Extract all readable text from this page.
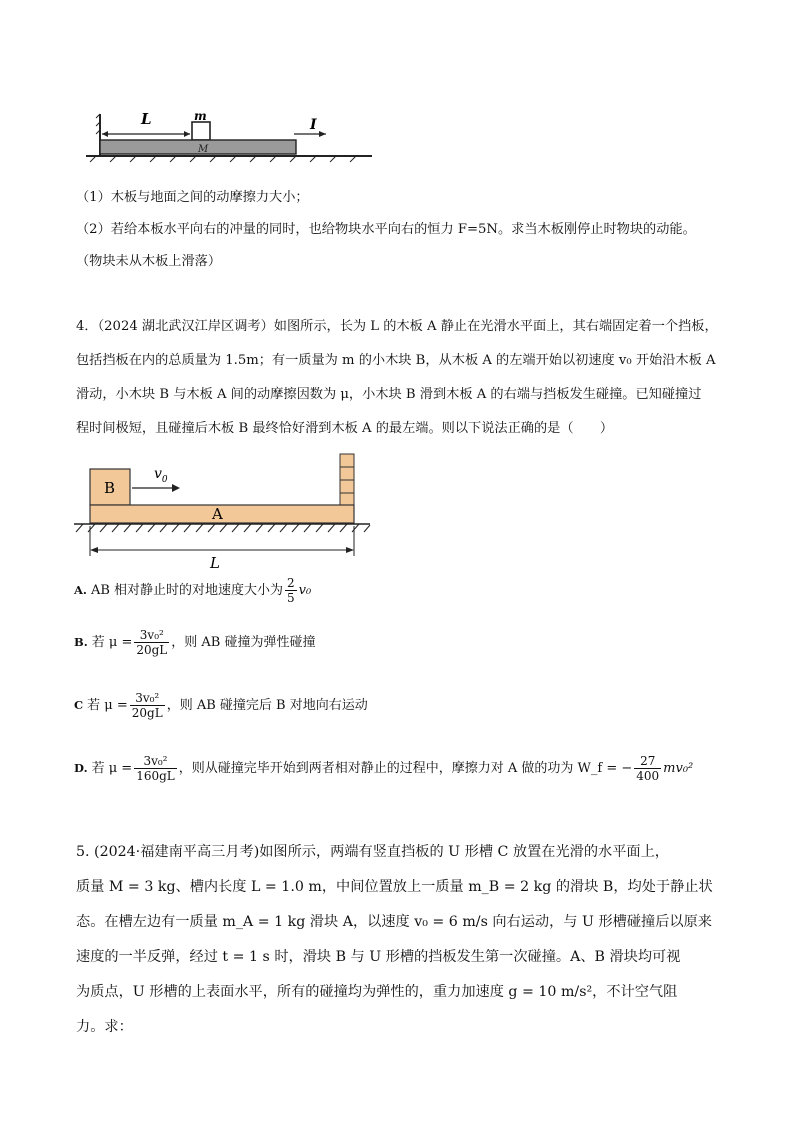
L	m
M
I
（1）木板与地面之间的动摩擦力大小；
（2）若给本板水平向右的冲量的同时，也给物块水平向右的恒力 F=5N。求当木板刚停止时物块的动能。
（物块未从木板上滑落）
4．（2024 湖北武汉江岸区调考）如图所示，长为 L 的木板 A 静止在光滑水平面上，其右端固定着一个挡板，
包括挡板在内的总质量为 1.5m；有一质量为 m 的小木块 B，从木板 A 的左端开始以初速度 v₀ 开始沿木板 A
滑动，小木块 B 与木板 A 间的动摩擦因数为 μ，小木块 B 滑到木板 A 的右端与挡板发生碰撞。已知碰撞过
程时间极短，且碰撞后木板 B 最终恰好滑到木板 A 的最左端。则以下说法正确的是（　　）
B
$v_0$
A
L
A. AB 相对静止时的对地速度大小为 $\frac{2}{5} v_0$
B. 若 $\mu = \frac{\text{3v₀²}}{20gL}$ ，则 AB 碰撞为弹性碰撞
C 若 $\mu = \frac{\text{3v₀²}}{20gL}$ ，则 AB 碰撞完后 B 对地向右运动
D. 若 $\mu = \frac{\text{3v₀²}}{160gL}$ ，则从碰撞完毕开始到两者相对静止的过程中，摩擦力对 A 做的功为 W_f = − $\frac{27}{400} mv_0^2$
5. (2024·福建南平高三月考)如图所示，两端有竖直挡板的 U 形槽 C 放置在光滑的水平面上，
质量 M = 3 kg、槽内长度 L = 1.0 m，中间位置放上一质量 m_B = 2 kg 的滑块 B，均处于静止状
态。在槽左边有一质量 m_A = 1 kg 滑块 A，以速度 v₀ = 6 m/s 向右运动，与 U 形槽碰撞后以原来
速度的一半反弹，经过 t = 1 s 时，滑块 B 与 U 形槽的挡板发生第一次碰撞。A、B 滑块均可视
为质点，U 形槽的上表面水平，所有的碰撞均为弹性的，重力加速度 g = 10 m/s²，不计空气阻
力。求：
